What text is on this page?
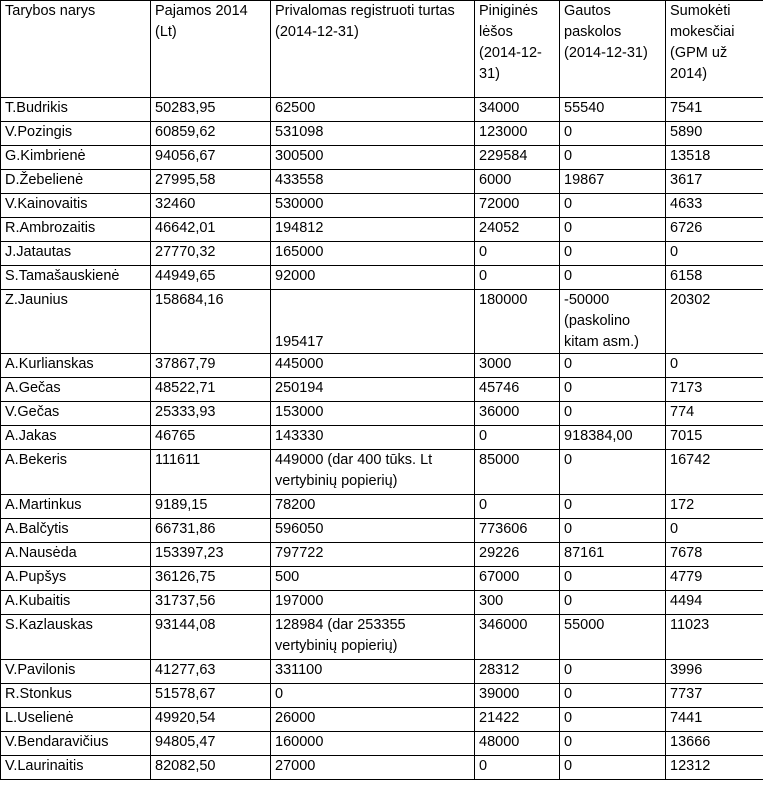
Tarybos narys	Pajamos 2014 (Lt)	Privalomas registruoti turtas (2014-12-31)	Piniginės lėšos (2014-12-31)	Gautos paskolos (2014-12-31)	Sumokėti mokesčiai (GPM už 2014)
T.Budrikis	50283,95	62500	34000	55540	7541
V.Pozingis	60859,62	531098	123000	0	5890
G.Kimbrienė	94056,67	300500	229584	0	13518
D.Žebelienė	27995,58	433558	6000	19867	3617
V.Kainovaitis	32460	530000	72000	0	4633
R.Ambrozaitis	46642,01	194812	24052	0	6726
J.Jatautas	27770,32	165000	0	0	0
S.Tamašauskienė	44949,65	92000	0	0	6158
Z.Jaunius	158684,16	195417	180000	-50000 (paskolino kitam asm.)	20302
A.Kurlianskas	37867,79	445000	3000	0	0
A.Gečas	48522,71	250194	45746	0	7173
V.Gečas	25333,93	153000	36000	0	774
A.Jakas	46765	143330	0	918384,00	7015
A.Bekeris	111611	449000 (dar 400 tūks. Lt vertybinių popierių)	85000	0	16742
A.Martinkus	9189,15	78200	0	0	172
A.Balčytis	66731,86	596050	773606	0	0
A.Nausėda	153397,23	797722	29226	87161	7678
A.Pupšys	36126,75	500	67000	0	4779
A.Kubaitis	31737,56	197000	300	0	4494
S.Kazlauskas	93144,08	128984 (dar 253355 vertybinių popierių)	346000	55000	11023
V.Pavilonis	41277,63	331100	28312	0	3996
R.Stonkus	51578,67	0	39000	0	7737
L.Uselienė	49920,54	26000	21422	0	7441
V.Bendaravičius	94805,47	160000	48000	0	13666
V.Laurinaitis	82082,50	27000	0	0	12312
